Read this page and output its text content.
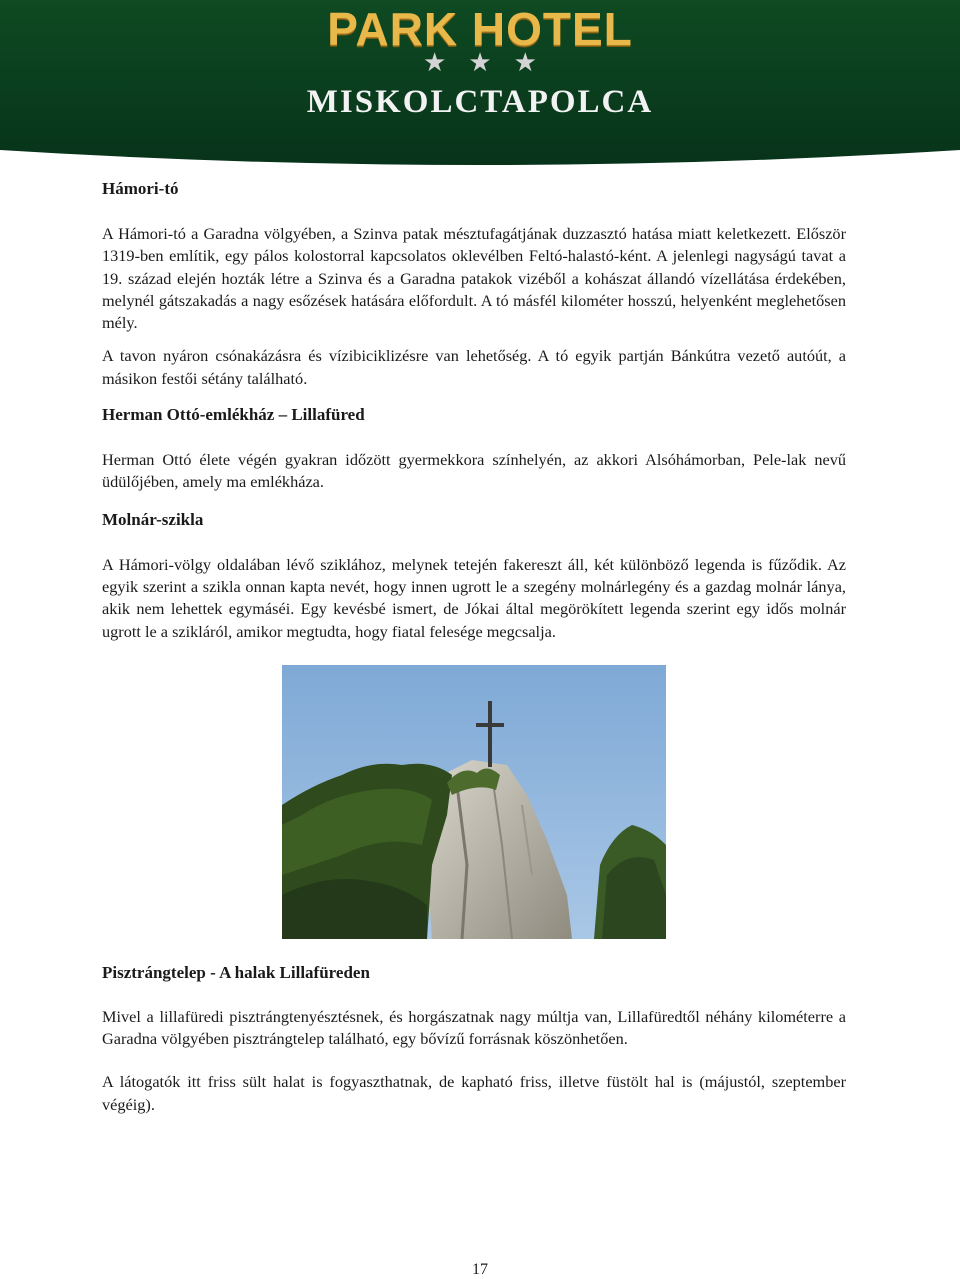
PARK HOTEL
★★★
MISKOLCTAPOLCA
Hámori-tó

A Hámori-tó a Garadna völgyében, a Szinva patak mésztufagátjának duzzasztó hatása miatt keletkezett. Először 1319-ben említik, egy pálos kolostorral kapcsolatos oklevélben Feltó-halastó-ként. A jelenlegi nagyságú tavat a 19. század elején hozták létre a Szinva és a Garadna patakok vizéből a kohászat állandó vízellátása érdekében, melynél gátszakadás a nagy esőzések hatására előfordult. A tó másfél kilométer hosszú, helyenként meglehetősen mély.

A tavon nyáron csónakázásra és vízibiciklizésre van lehetőség. A tó egyik partján Bánkútra vezető autóút, a másikon festői sétány található.

Herman Ottó-emlékház – Lillafüred

Herman Ottó élete végén gyakran időzött gyermekkora színhelyén, az akkori Alsóhámorban, Pele-lak nevű üdülőjében, amely ma emlékháza.

Molnár-szikla

A Hámori-völgy oldalában lévő sziklához, melynek tetején fakereszt áll, két különböző legenda is fűződik. Az egyik szerint a szikla onnan kapta nevét, hogy innen ugrott le a szegény molnárlegény és a gazdag molnár lánya, akik nem lehettek egymáséi. Egy kevésbé ismert, de Jókai által megörökített legenda szerint egy idős molnár ugrott le a szikláról, amikor megtudta, hogy fiatal felesége megcsalja.

Pisztrángtelep - A halak Lillafüreden

Mivel a lillafüredi pisztrángtenyésztésnek, és horgászatnak nagy múltja van, Lillafüredtől néhány kilométerre a Garadna völgyében pisztrángtelep található, egy bővízű forrásnak köszönhetően.

A látogatók itt friss sült halat is fogyaszthatnak, de kapható friss, illetve füstölt hal is (májustól, szeptember végéig).

17
